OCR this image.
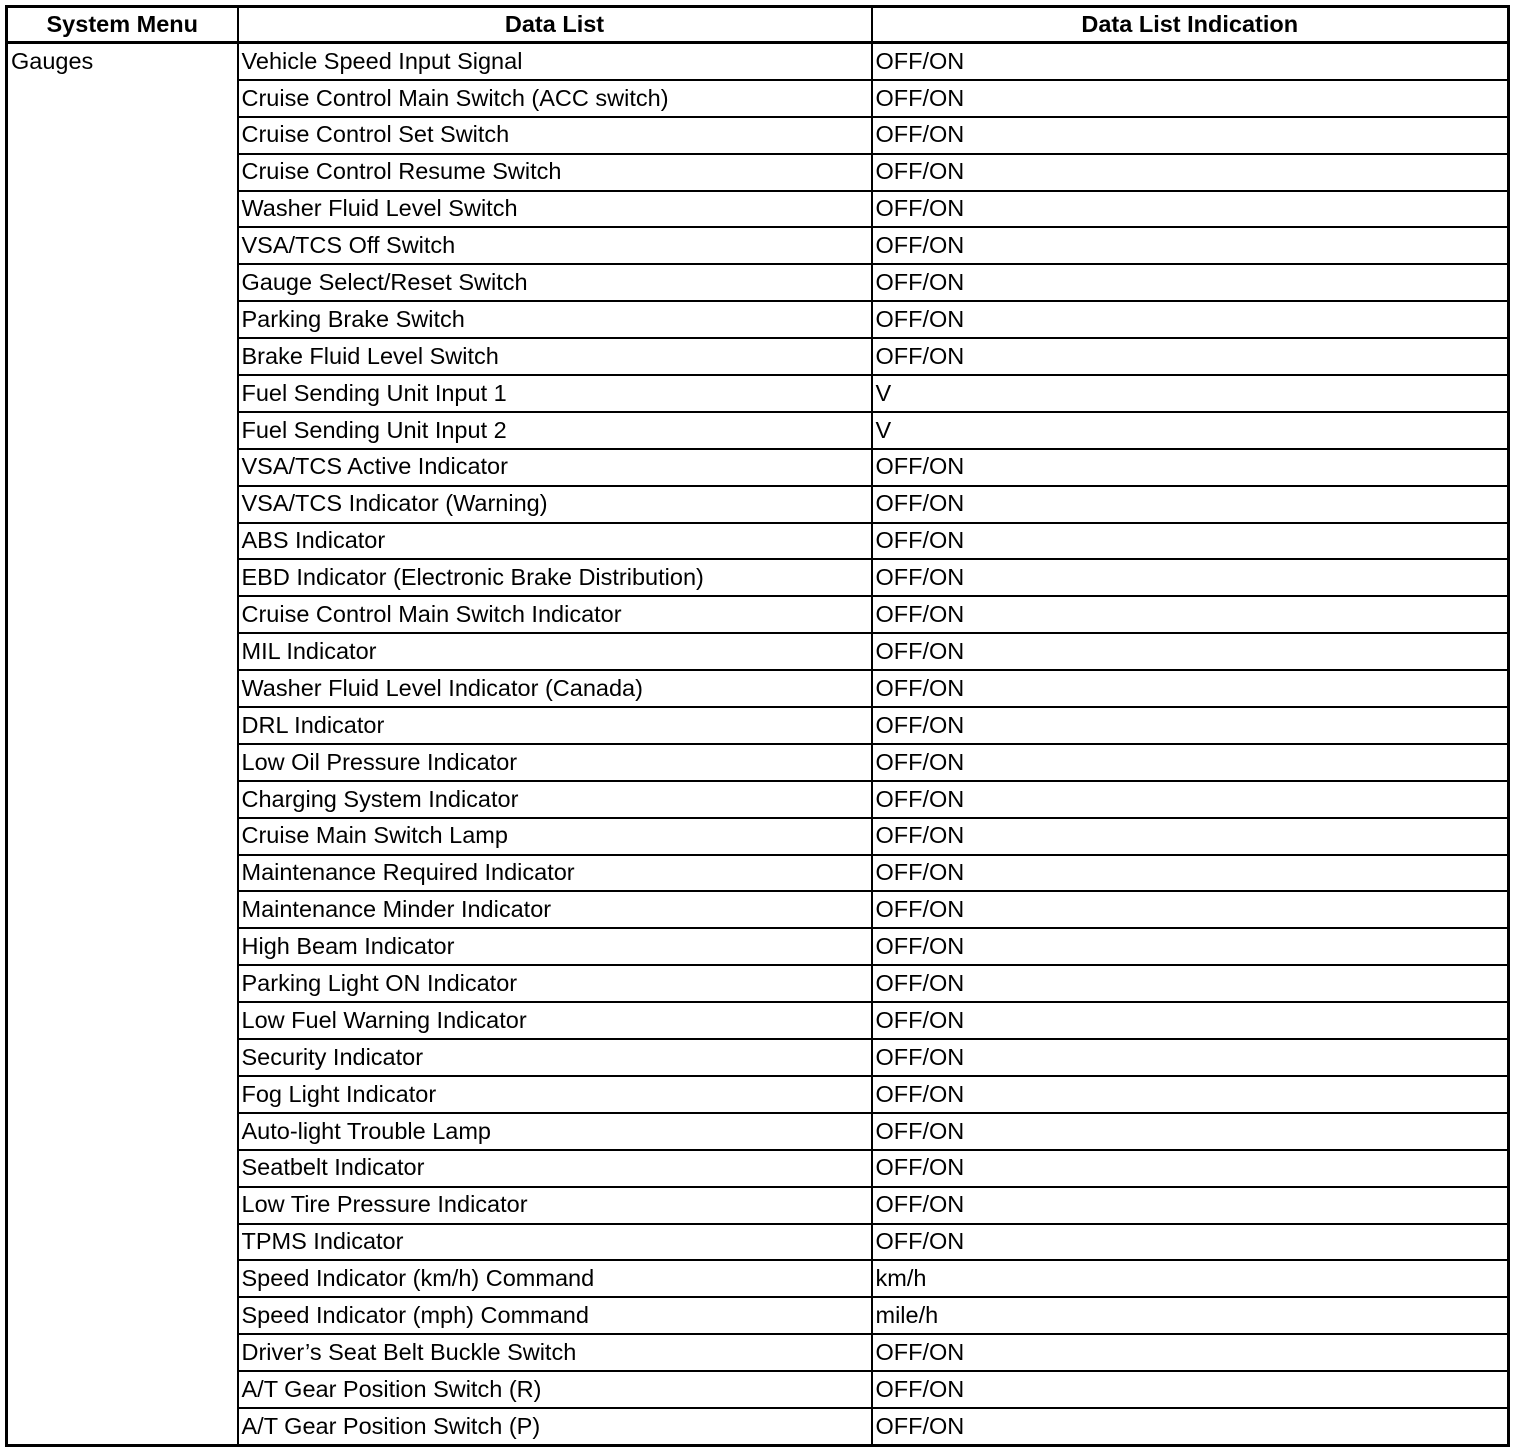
System Menu	Data List	Data List Indication
Gauges	Vehicle Speed Input Signal	OFF/ON
	Cruise Control Main Switch (ACC switch)	OFF/ON
	Cruise Control Set Switch	OFF/ON
	Cruise Control Resume Switch	OFF/ON
	Washer Fluid Level Switch	OFF/ON
	VSA/TCS Off Switch	OFF/ON
	Gauge Select/Reset Switch	OFF/ON
	Parking Brake Switch	OFF/ON
	Brake Fluid Level Switch	OFF/ON
	Fuel Sending Unit Input 1	V
	Fuel Sending Unit Input 2	V
	VSA/TCS Active Indicator	OFF/ON
	VSA/TCS Indicator (Warning)	OFF/ON
	ABS Indicator	OFF/ON
	EBD Indicator (Electronic Brake Distribution)	OFF/ON
	Cruise Control Main Switch Indicator	OFF/ON
	MIL Indicator	OFF/ON
	Washer Fluid Level Indicator (Canada)	OFF/ON
	DRL Indicator	OFF/ON
	Low Oil Pressure Indicator	OFF/ON
	Charging System Indicator	OFF/ON
	Cruise Main Switch Lamp	OFF/ON
	Maintenance Required Indicator	OFF/ON
	Maintenance Minder Indicator	OFF/ON
	High Beam Indicator	OFF/ON
	Parking Light ON Indicator	OFF/ON
	Low Fuel Warning Indicator	OFF/ON
	Security Indicator	OFF/ON
	Fog Light Indicator	OFF/ON
	Auto-light Trouble Lamp	OFF/ON
	Seatbelt Indicator	OFF/ON
	Low Tire Pressure Indicator	OFF/ON
	TPMS Indicator	OFF/ON
	Speed Indicator (km/h) Command	km/h
	Speed Indicator (mph) Command	mile/h
	Driver’s Seat Belt Buckle Switch	OFF/ON
	A/T Gear Position Switch (R)	OFF/ON
	A/T Gear Position Switch (P)	OFF/ON
